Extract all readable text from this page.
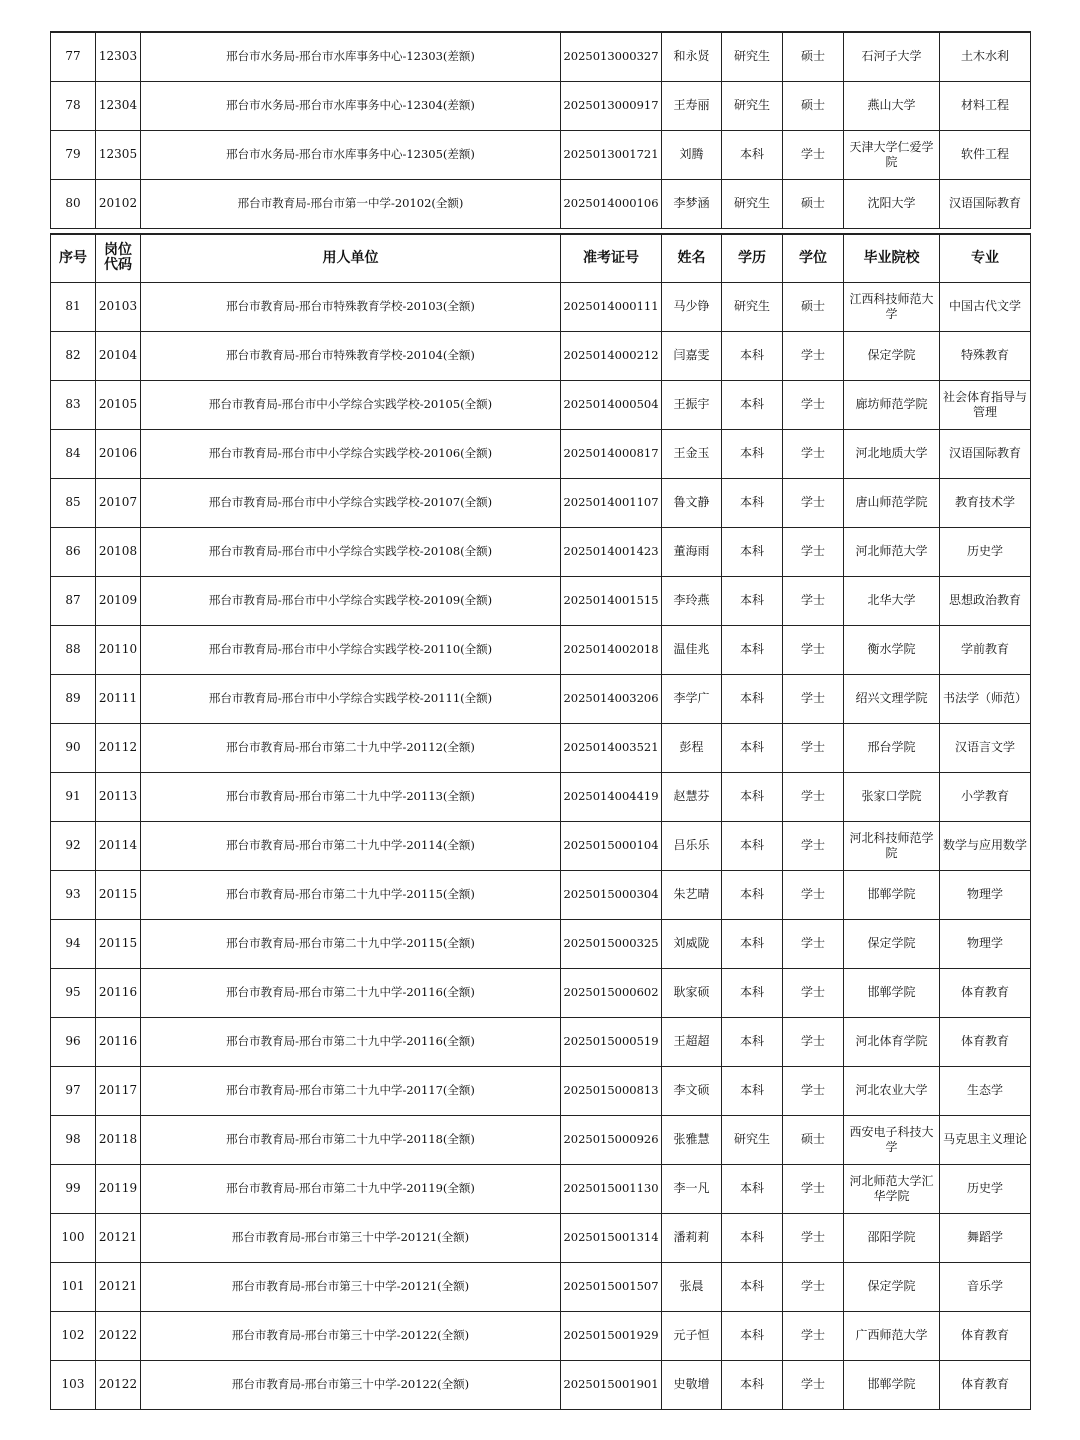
77	12303	邢台市水务局-邢台市水库事务中心-12303(差额)	2025013000327	和永贤	研究生	硕士	石河子大学	土木水利
78	12304	邢台市水务局-邢台市水库事务中心-12304(差额)	2025013000917	王寿丽	研究生	硕士	燕山大学	材料工程
79	12305	邢台市水务局-邢台市水库事务中心-12305(差额)	2025013001721	刘腾	本科	学士	天津大学仁爱学院	软件工程
80	20102	邢台市教育局-邢台市第一中学-20102(全额)	2025014000106	李梦涵	研究生	硕士	沈阳大学	汉语国际教育
序号	岗位代码	用人单位	准考证号	姓名	学历	学位	毕业院校	专业
81	20103	邢台市教育局-邢台市特殊教育学校-20103(全额)	2025014000111	马少铮	研究生	硕士	江西科技师范大学	中国古代文学
82	20104	邢台市教育局-邢台市特殊教育学校-20104(全额)	2025014000212	闫嘉雯	本科	学士	保定学院	特殊教育
83	20105	邢台市教育局-邢台市中小学综合实践学校-20105(全额)	2025014000504	王振宇	本科	学士	廊坊师范学院	社会体育指导与管理
84	20106	邢台市教育局-邢台市中小学综合实践学校-20106(全额)	2025014000817	王金玉	本科	学士	河北地质大学	汉语国际教育
85	20107	邢台市教育局-邢台市中小学综合实践学校-20107(全额)	2025014001107	鲁文静	本科	学士	唐山师范学院	教育技术学
86	20108	邢台市教育局-邢台市中小学综合实践学校-20108(全额)	2025014001423	董海雨	本科	学士	河北师范大学	历史学
87	20109	邢台市教育局-邢台市中小学综合实践学校-20109(全额)	2025014001515	李玲燕	本科	学士	北华大学	思想政治教育
88	20110	邢台市教育局-邢台市中小学综合实践学校-20110(全额)	2025014002018	温佳兆	本科	学士	衡水学院	学前教育
89	20111	邢台市教育局-邢台市中小学综合实践学校-20111(全额)	2025014003206	李学广	本科	学士	绍兴文理学院	书法学（师范）
90	20112	邢台市教育局-邢台市第二十九中学-20112(全额)	2025014003521	彭程	本科	学士	邢台学院	汉语言文学
91	20113	邢台市教育局-邢台市第二十九中学-20113(全额)	2025014004419	赵慧芬	本科	学士	张家口学院	小学教育
92	20114	邢台市教育局-邢台市第二十九中学-20114(全额)	2025015000104	吕乐乐	本科	学士	河北科技师范学院	数学与应用数学
93	20115	邢台市教育局-邢台市第二十九中学-20115(全额)	2025015000304	朱艺晴	本科	学士	邯郸学院	物理学
94	20115	邢台市教育局-邢台市第二十九中学-20115(全额)	2025015000325	刘威陇	本科	学士	保定学院	物理学
95	20116	邢台市教育局-邢台市第二十九中学-20116(全额)	2025015000602	耿家硕	本科	学士	邯郸学院	体育教育
96	20116	邢台市教育局-邢台市第二十九中学-20116(全额)	2025015000519	王超超	本科	学士	河北体育学院	体育教育
97	20117	邢台市教育局-邢台市第二十九中学-20117(全额)	2025015000813	李文硕	本科	学士	河北农业大学	生态学
98	20118	邢台市教育局-邢台市第二十九中学-20118(全额)	2025015000926	张雅慧	研究生	硕士	西安电子科技大学	马克思主义理论
99	20119	邢台市教育局-邢台市第二十九中学-20119(全额)	2025015001130	李一凡	本科	学士	河北师范大学汇华学院	历史学
100	20121	邢台市教育局-邢台市第三十中学-20121(全额)	2025015001314	潘莉莉	本科	学士	邵阳学院	舞蹈学
101	20121	邢台市教育局-邢台市第三十中学-20121(全额)	2025015001507	张晨	本科	学士	保定学院	音乐学
102	20122	邢台市教育局-邢台市第三十中学-20122(全额)	2025015001929	元子恒	本科	学士	广西师范大学	体育教育
103	20122	邢台市教育局-邢台市第三十中学-20122(全额)	2025015001901	史敬增	本科	学士	邯郸学院	体育教育
